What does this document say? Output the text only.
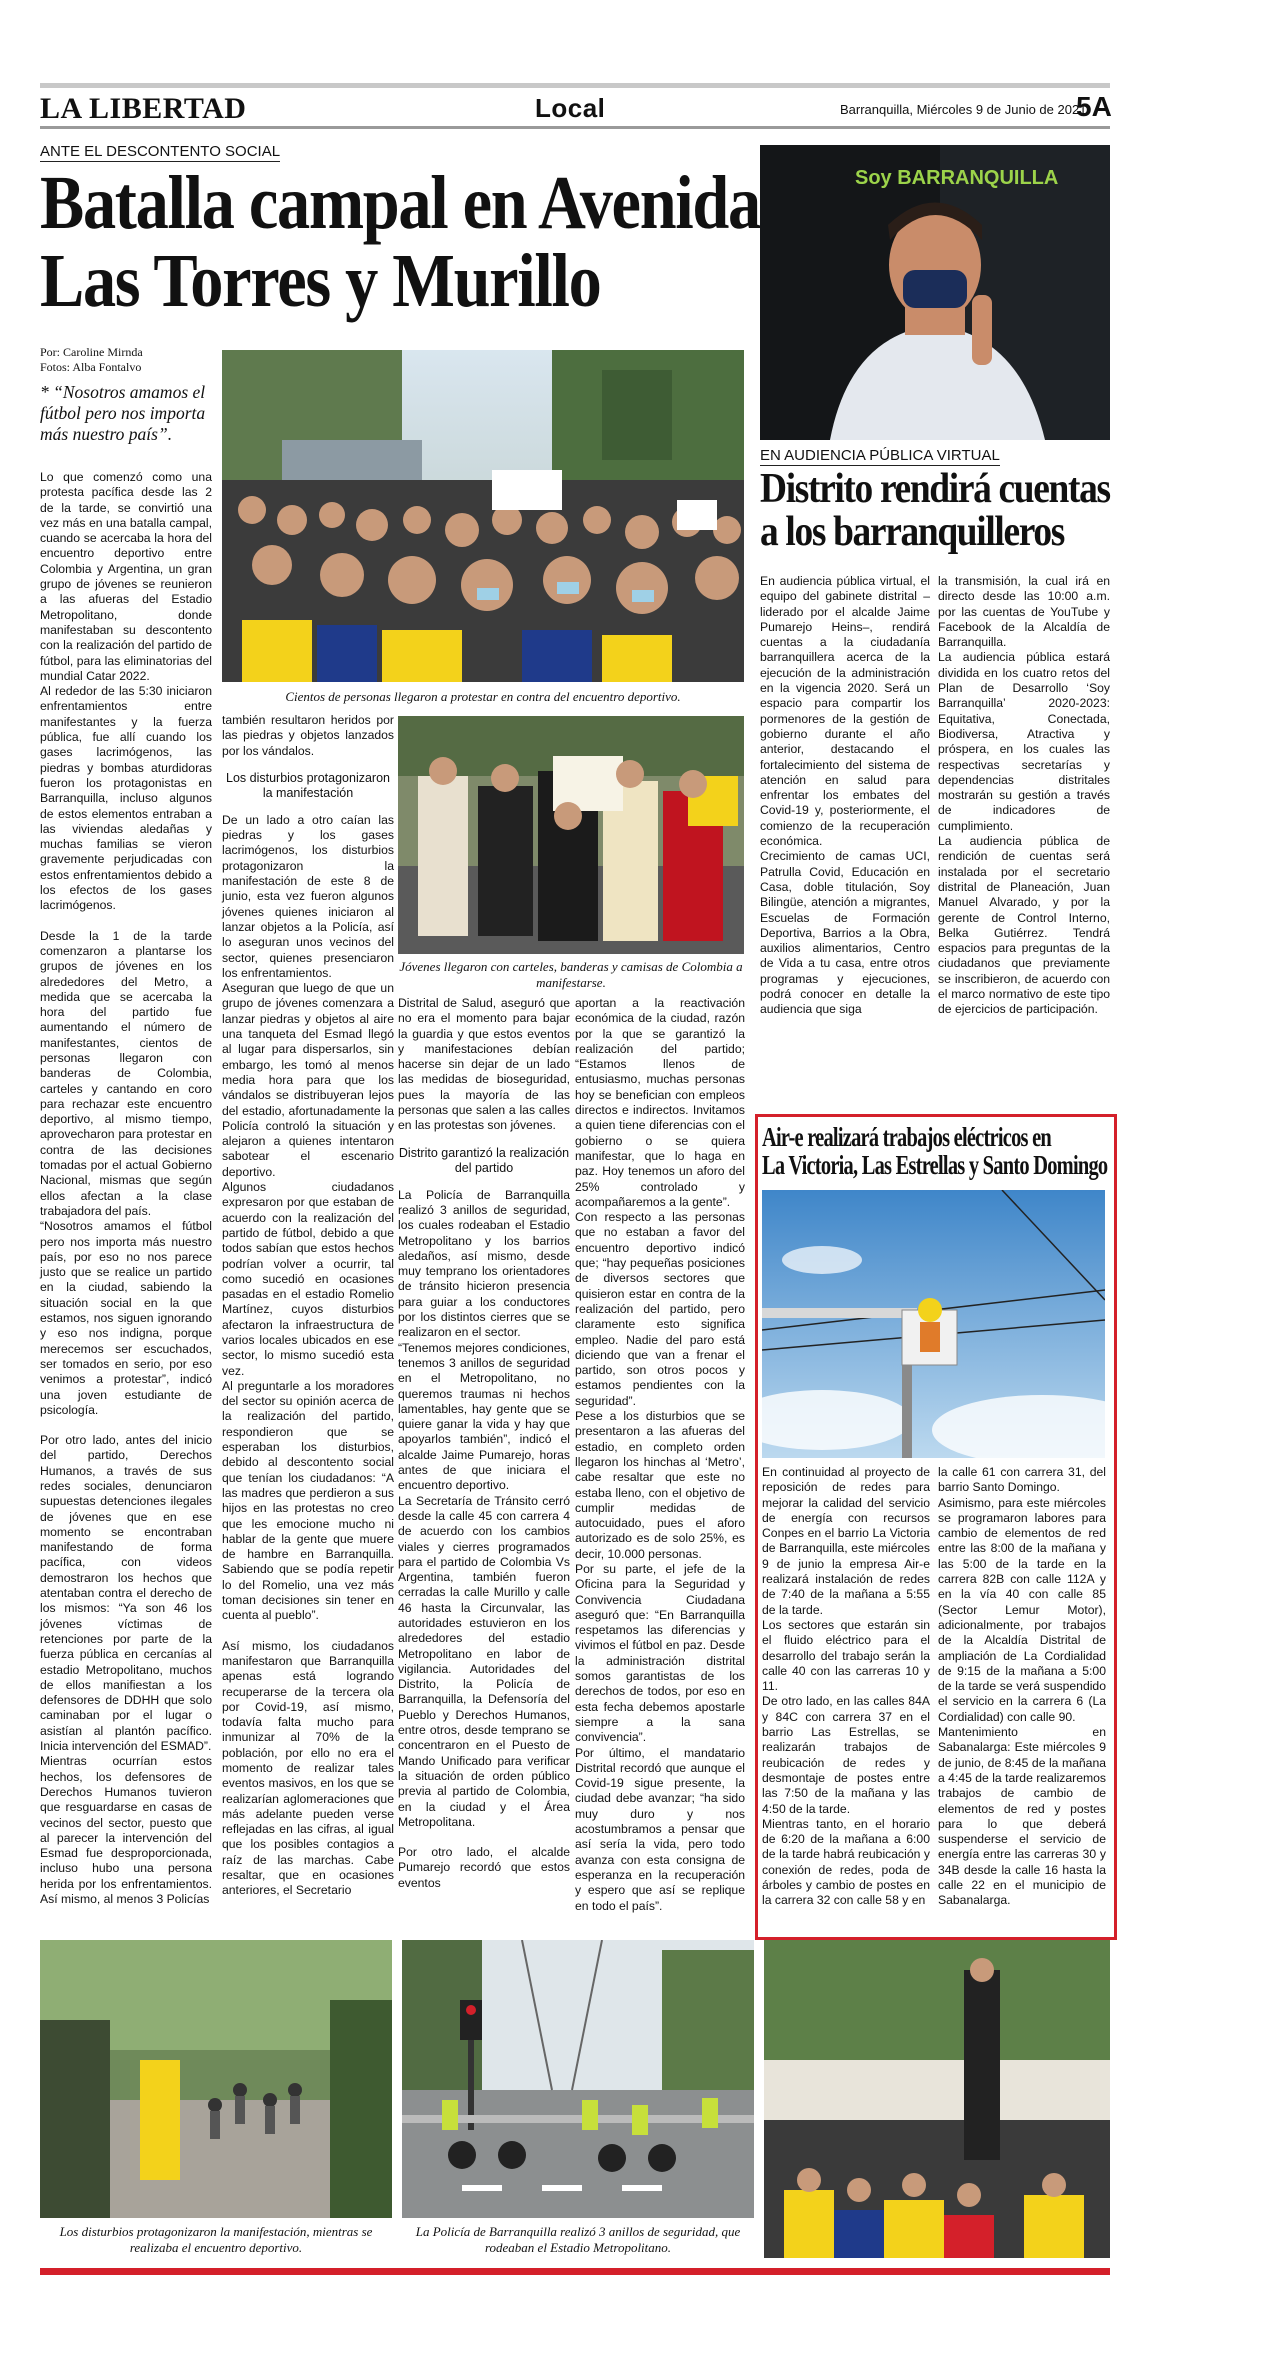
LA LIBERTAD	Local	Barranquilla, Miércoles 9 de Junio de 2021
5A
ANTE EL DESCONTENTO SOCIAL
Batalla campal en Avenida
Las Torres y Murillo
Por: Caroline Mirnda
Fotos: Alba Fontalvo
* “Nosotros amamos el fútbol pero nos importa más nuestro país”.

Lo que comenzó como una protesta pacífica desde las 2 de la tarde, se convirtió una vez más en una batalla campal, cuando se acercaba la hora del encuentro deportivo entre Colombia y Argentina, un gran grupo de jóvenes se reunieron a las afueras del Estadio Metropolitano, donde manifestaban su descontento con la realización del partido de fútbol, para las eliminatorias del mundial Catar 2022.

Al rededor de las 5:30 iniciaron enfrentamientos entre manifestantes y la fuerza pública, fue allí cuando los gases lacrimógenos, las piedras y bombas aturdidoras fueron los protagonistas en Barranquilla, incluso algunos de estos elementos entraban a las viviendas aledañas y muchas familias se vieron gravemente perjudicadas con estos enfrentamientos debido a los efectos de los gases lacrimógenos.

Desde la 1 de la tarde comenzaron a plantarse los grupos de jóvenes en los alrededores del Metro, a medida que se acercaba la hora del partido fue aumentando el número de manifestantes, cientos de personas llegaron con banderas de Colombia, carteles y cantando en coro para rechazar este encuentro deportivo, al mismo tiempo, aprovecharon para protestar en contra de las decisiones tomadas por el actual Gobierno Nacional, mismas que según ellos afectan a la clase trabajadora del país.

“Nosotros amamos el fútbol pero nos importa más nuestro país, por eso no nos parece justo que se realice un partido en la ciudad, sabiendo la situación social en la que estamos, nos siguen ignorando y eso nos indigna, porque merecemos ser escuchados, ser tomados en serio, por eso venimos a protestar”, indicó una joven estudiante de psicología.

Por otro lado, antes del inicio del partido, Derechos Humanos, a través de sus redes sociales, denunciaron supuestas detenciones ilegales de jóvenes que en ese momento se encontraban manifestando de forma pacífica, con videos demostraron los hechos que atentaban contra el derecho de los mismos: “Ya son 46 los jóvenes víctimas de retenciones por parte de la fuerza pública en cercanías al estadio Metropolitano, muchos de ellos manifiestan a los defensores de DDHH que solo caminaban por el lugar o asistían al plantón pacífico. Inicia intervención del ESMAD”.

Mientras ocurrían estos hechos, los defensores de Derechos Humanos tuvieron que resguardarse en casas de vecinos del sector, puesto que al parecer la intervención del Esmad fue desproporcionada, incluso hubo una persona herida por los enfrentamientos. Así mismo, al menos 3 Policías

Cientos de personas llegaron a protestar en contra del encuentro deportivo.

también resultaron heridos por las piedras y objetos lanzados por los vándalos.

Los disturbios protagonizaron la manifestación

De un lado a otro caían las piedras y los gases lacrimógenos, los disturbios protagonizaron la manifestación de este 8 de junio, esta vez fueron algunos jóvenes quienes iniciaron al lanzar objetos a la Policía, así lo aseguran unos vecinos del sector, quienes presenciaron los enfrentamientos.

Aseguran que luego de que un grupo de jóvenes comenzara a lanzar piedras y objetos al aire una tanqueta del Esmad llegó al lugar para dispersarlos, sin embargo, les tomó al menos media hora para que los vándalos se distribuyeran lejos del estadio, afortunadamente la Policía controló la situación y alejaron a quienes intentaron sabotear el escenario deportivo.

Algunos ciudadanos expresaron por que estaban de acuerdo con la realización del partido de fútbol, debido a que todos sabían que estos hechos podrían volver a ocurrir, tal como sucedió en ocasiones pasadas en el estadio Romelio Martínez, cuyos disturbios afectaron la infraestructura de varios locales ubicados en ese sector, lo mismo sucedió esta vez.

Al preguntarle a los moradores del sector su opinión acerca de la realización del partido, respondieron que se esperaban los disturbios, debido al descontento social que tenían los ciudadanos: “A las madres que perdieron a sus hijos en las protestas no creo que les emocione mucho ni hablar de la gente que muere de hambre en Barranquilla. Sabiendo que se podía repetir lo del Romelio, una vez más toman decisiones sin tener en cuenta al pueblo”.

Así mismo, los ciudadanos manifestaron que Barranquilla apenas está logrando recuperarse de la tercera ola por Covid-19, así mismo, todavía falta mucho para inmunizar al 70% de la población, por ello no era el momento de realizar tales eventos masivos, en los que se realizarían aglomeraciones que más adelante pueden verse reflejadas en las cifras, al igual que los posibles contagios a raíz de las marchas. Cabe resaltar, que en ocasiones anteriores, el Secretario

Jóvenes llegaron con carteles, banderas y camisas de Colombia a manifestarse.

Distrital de Salud, aseguró que no era el momento para bajar la guardia y que estos eventos y manifestaciones debían hacerse sin dejar de un lado las medidas de bioseguridad, pues la mayoría de las personas que salen a las calles en las protestas son jóvenes.

Distrito garantizó la realización del partido

La Policía de Barranquilla realizó 3 anillos de seguridad, los cuales rodeaban el Estadio Metropolitano y los barrios aledaños, así mismo, desde muy temprano los orientadores de tránsito hicieron presencia para guiar a los conductores por los distintos cierres que se realizaron en el sector.

“Tenemos mejores condiciones, tenemos 3 anillos de seguridad en el Metropolitano, no queremos traumas ni hechos lamentables, hay gente que se quiere ganar la vida y hay que apoyarlos también”, indicó el alcalde Jaime Pumarejo, horas antes de que iniciara el encuentro deportivo.

La Secretaría de Tránsito cerró desde la calle 45 con carrera 4 de acuerdo con los cambios viales y cierres programados para el partido de Colombia Vs Argentina, también fueron cerradas la calle Murillo y calle 46 hasta la Circunvalar, las autoridades estuvieron en los alrededores del estadio Metropolitano en labor de vigilancia. Autoridades del Distrito, la Policía de Barranquilla, la Defensoría del Pueblo y Derechos Humanos, entre otros, desde temprano se concentraron en el Puesto de Mando Unificado para verificar la situación de orden público previa al partido de Colombia, en la ciudad y el Área Metropolitana.

Por otro lado, el alcalde Pumarejo recordó que estos eventos

aportan a la reactivación económica de la ciudad, razón por la que se garantizó la realización del partido; “Estamos llenos de entusiasmo, muchas personas hoy se benefician con empleos directos e indirectos. Invitamos a quien tiene diferencias con el gobierno o se quiera manifestar, que lo haga en paz. Hoy tenemos un aforo del 25% controlado y acompañaremos a la gente”.

Con respecto a las personas que no estaban a favor del encuentro deportivo indicó que; “hay pequeñas posiciones de diversos sectores que quisieron estar en contra de la realización del partido, pero claramente esto significa empleo. Nadie del paro está diciendo que van a frenar el partido, son otros pocos y estamos pendientes con la seguridad”.

Pese a los disturbios que se presentaron a las afueras del estadio, en completo orden llegaron los hinchas al ‘Metro’, cabe resaltar que este no estaba lleno, con el objetivo de cumplir medidas de autocuidado, pues el aforo autorizado es de solo 25%, es decir, 10.000 personas.

Por su parte, el jefe de la Oficina para la Seguridad y Convivencia Ciudadana aseguró que: “En Barranquilla respetamos las diferencias y vivimos el fútbol en paz. Desde la administración distrital somos garantistas de los derechos de todos, por eso en esta fecha debemos apostarle siempre a la sana convivencia”.

Por último, el mandatario Distrital recordó que aunque el Covid-19 sigue presente, la ciudad debe avanzar; “ha sido muy duro y nos acostumbramos a pensar que así sería la vida, pero todo avanza con esta consigna de esperanza en la recuperación y espero que así se replique en todo el país”.

Soy BARRANQUILLA
EN AUDIENCIA PÚBLICA VIRTUAL
Distrito rendirá cuentas
a los barranquilleros

En audiencia pública virtual, el equipo del gabinete distrital –liderado por el alcalde Jaime Pumarejo Heins–, rendirá cuentas a la ciudadanía barranquillera acerca de la ejecución de la administración en la vigencia 2020. Será un espacio para compartir los pormenores de la gestión de gobierno durante el año anterior, destacando el fortalecimiento del sistema de atención en salud para enfrentar los embates del Covid-19 y, posteriormente, el comienzo de la recuperación económica.

Crecimiento de camas UCI, Patrulla Covid, Educación en Casa, doble titulación, Soy Bilingüe, atención a migrantes, Escuelas de Formación Deportiva, Barrios a la Obra, auxilios alimentarios, Centro de Vida a tu casa, entre otros programas y ejecuciones, podrá conocer en detalle la audiencia que siga

la transmisión, la cual irá en directo desde las 10:00 a.m. por las cuentas de YouTube y Facebook de la Alcaldía de Barranquilla.

La audiencia pública estará dividida en los cuatro retos del Plan de Desarrollo ‘Soy Barranquilla’ 2020-2023: Equitativa, Conectada, Biodiversa, Atractiva y próspera, en los cuales las respectivas secretarías y dependencias distritales mostrarán su gestión a través de indicadores de cumplimiento.

La audiencia pública de rendición de cuentas será instalada por el secretario distrital de Planeación, Juan Manuel Alvarado, y por la gerente de Control Interno, Belka Gutiérrez. Tendrá espacios para preguntas de la ciudadanos que previamente se inscribieron, de acuerdo con el marco normativo de este tipo de ejercicios de participación.

Air-e realizará trabajos eléctricos en
La Victoria, Las Estrellas y Santo Domingo

En continuidad al proyecto de reposición de redes para mejorar la calidad del servicio de energía con recursos Conpes en el barrio La Victoria de Barranquilla, este miércoles 9 de junio la empresa Air-e realizará instalación de redes de 7:40 de la mañana a 5:55 de la tarde.

Los sectores que estarán sin el fluido eléctrico para el desarrollo del trabajo serán la calle 40 con las carreras 10 y 11.

De otro lado, en las calles 84A y 84C con carrera 37 en el barrio Las Estrellas, se realizarán trabajos de reubicación de redes y desmontaje de postes entre las 7:50 de la mañana y las 4:50 de la tarde.

Mientras tanto, en el horario de 6:20 de la mañana a 6:00 de la tarde habrá reubicación y conexión de redes, poda de árboles y cambio de postes en la carrera 32 con calle 58 y en

la calle 61 con carrera 31, del barrio Santo Domingo.

Asimismo, para este miércoles se programaron labores para cambio de elementos de red entre las 8:00 de la mañana y las 5:00 de la tarde en la carrera 82B con calle 112A y en la vía 40 con calle 85 (Sector Lemur Motor), adicionalmente, por trabajos de la Alcaldía Distrital de ampliación de La Cordialidad de 9:15 de la mañana a 5:00 de la tarde se verá suspendido el servicio en la carrera 6 (La Cordialidad) con calle 90.

Mantenimiento en Sabanalarga: Este miércoles 9 de junio, de 8:45 de la mañana a 4:45 de la tarde realizaremos trabajos de cambio de elementos de red y postes para lo que deberá suspenderse el servicio de energía entre las carreras 30 y 34B desde la calle 16 hasta la calle 22 en el municipio de Sabanalarga.

Los disturbios protagonizaron la manifestación, mientras se realizaba el encuentro deportivo.
La Policía de Barranquilla realizó 3 anillos de seguridad, que rodeaban el Estadio Metropolitano.
